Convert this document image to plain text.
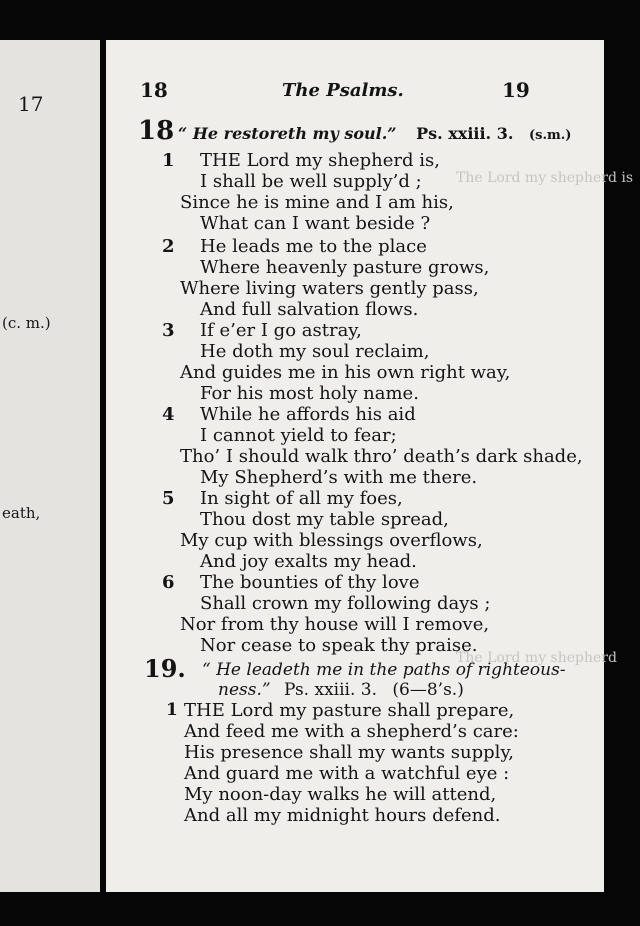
17
(c. m.)
eath,
The Lord my shepherd is
The Lord my shepherd
18	The Psalms.	19
18 “ He restoreth my soul.” Ps. xxiii. 3. (s.m.)
1 THE Lord my shepherd is,
I shall be well supply’d ;
Since he is mine and I am his,
What can I want beside ?
2 He leads me to the place
Where heavenly pasture grows,
Where living waters gently pass,
And full salvation flows.
3 If e’er I go astray,
He doth my soul reclaim,
And guides me in his own right way,
For his most holy name.
4 While he affords his aid
I cannot yield to fear;
Tho’ I should walk thro’ death’s dark shade,
My Shepherd’s with me there.
5 In sight of all my foes,
Thou dost my table spread,
My cup with blessings overflows,
And joy exalts my head.
6 The bounties of thy love
Shall crown my following days ;
Nor from thy house will I remove,
Nor cease to speak thy praise.
19. “ He leadeth me in the paths of righteous-
ness.” Ps. xxiii. 3. (6—8’s.)
1 THE Lord my pasture shall prepare,
And feed me with a shepherd’s care:
His presence shall my wants supply,
And guard me with a watchful eye :
My noon-day walks he will attend,
And all my midnight hours defend.
